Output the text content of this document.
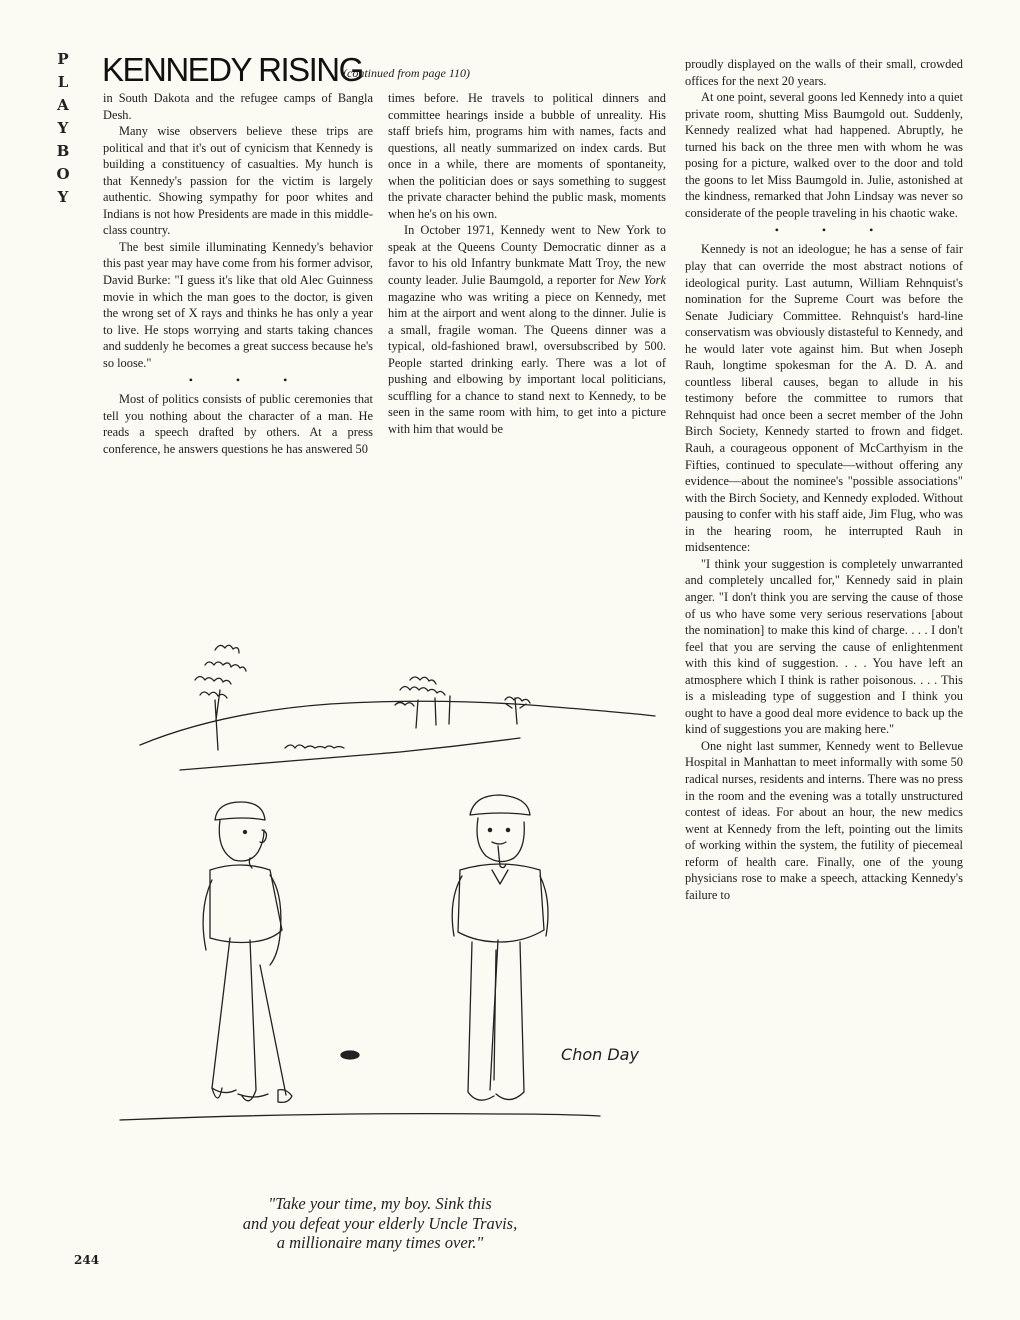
P
L
A
Y
B
O
Y
KENNEDY RISING
(continued from page 110)

in South Dakota and the refugee camps of Bangla Desh.

Many wise observers believe these trips are political and that it's out of cynicism that Kennedy is building a constituency of casualties. My hunch is that Kennedy's passion for the victim is largely authentic. Showing sympathy for poor whites and Indians is not how Presidents are made in this middle-class country.

The best simile illuminating Kennedy's behavior this past year may have come from his former advisor, David Burke: "I guess it's like that old Alec Guinness movie in which the man goes to the doctor, is given the wrong set of X rays and thinks he has only a year to live. He stops worrying and starts taking chances and suddenly he becomes a great success because he's so loose."

• • •

Most of politics consists of public ceremonies that tell you nothing about the character of a man. He reads a speech drafted by others. At a press conference, he answers questions he has answered 50

times before. He travels to political dinners and committee hearings inside a bubble of unreality. His staff briefs him, programs him with names, facts and questions, all neatly summarized on index cards. But once in a while, there are moments of spontaneity, when the politician does or says something to suggest the private character behind the public mask, moments when he's on his own.

In October 1971, Kennedy went to New York to speak at the Queens County Democratic dinner as a favor to his old Infantry bunkmate Matt Troy, the new county leader. Julie Baumgold, a reporter for New York magazine who was writing a piece on Kennedy, met him at the airport and went along to the dinner. Julie is a small, fragile woman. The Queens dinner was a typical, old-fashioned brawl, oversubscribed by 500. People started drinking early. There was a lot of pushing and elbowing by important local politicians, scuffling for a chance to stand next to Kennedy, to be seen in the same room with him, to get into a picture with him that would be

proudly displayed on the walls of their small, crowded offices for the next 20 years.

At one point, several goons led Kennedy into a quiet private room, shutting Miss Baumgold out. Suddenly, Kennedy realized what had happened. Abruptly, he turned his back on the three men with whom he was posing for a picture, walked over to the door and told the goons to let Miss Baumgold in. Julie, astonished at the kindness, remarked that John Lindsay was never so considerate of the people traveling in his chaotic wake.

• • •

Kennedy is not an ideologue; he has a sense of fair play that can override the most abstract notions of ideological purity. Last autumn, William Rehnquist's nomination for the Supreme Court was before the Senate Judiciary Committee. Rehnquist's hard-line conservatism was obviously distasteful to Kennedy, and he would later vote against him. But when Joseph Rauh, longtime spokesman for the A. D. A. and countless liberal causes, began to allude in his testimony before the committee to rumors that Rehnquist had once been a secret member of the John Birch Society, Kennedy started to frown and fidget. Rauh, a courageous opponent of McCarthyism in the Fifties, continued to speculate—without offering any evidence—about the nominee's "possible associations" with the Birch Society, and Kennedy exploded. Without pausing to confer with his staff aide, Jim Flug, who was in the hearing room, he interrupted Rauh in midsentence:

"I think your suggestion is completely unwarranted and completely uncalled for," Kennedy said in plain anger. "I don't think you are serving the cause of those of us who have some very serious reservations [about the nomination] to make this kind of charge. . . . I don't feel that you are serving the cause of enlightenment with this kind of suggestion. . . . You have left an atmosphere which I think is rather poisonous. . . . This is a misleading type of suggestion and I think you ought to have a good deal more evidence to back up the kind of suggestions you are making here."

One night last summer, Kennedy went to Bellevue Hospital in Manhattan to meet informally with some 50 radical nurses, residents and interns. There was no press in the room and the evening was a totally unstructured contest of ideas. For about an hour, the new medics went at Kennedy from the left, pointing out the limits of working within the system, the futility of piecemeal reform of health care. Finally, one of the young physicians rose to make a speech, attacking Kennedy's failure to

Chon Day
"Take your time, my boy. Sink this
and you defeat your elderly Uncle Travis,
a millionaire many times over."
244
